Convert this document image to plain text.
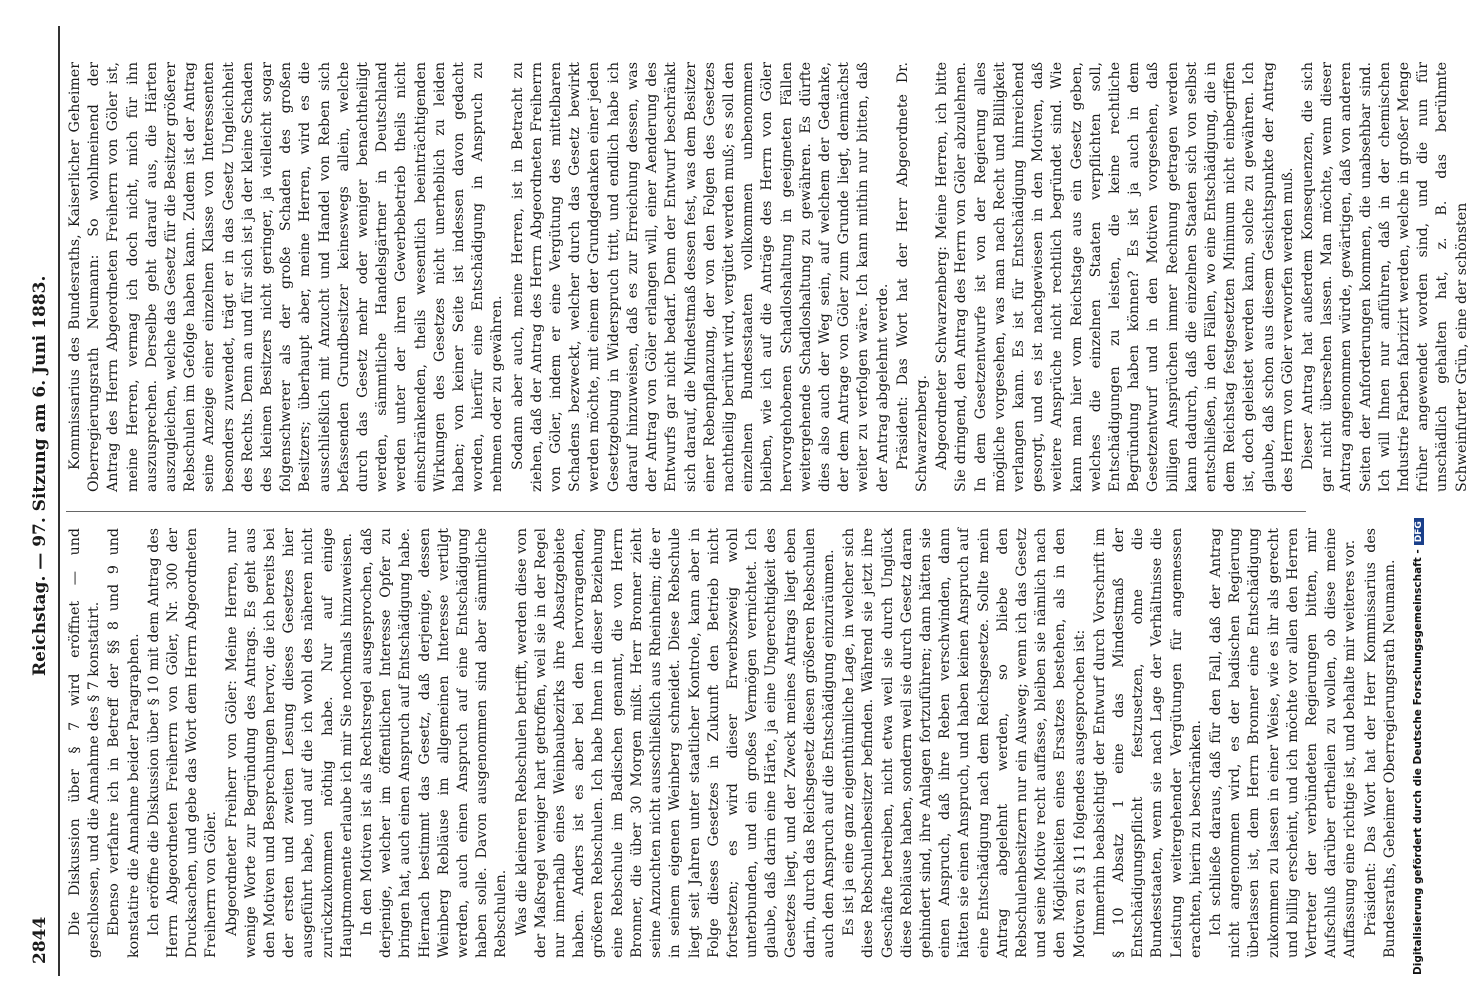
2844
Reichstag. — 97. Sitzung am 6. Juni 1883.

Die Diskussion über § 7 wird eröffnet — und geschlossen, und die Annahme des § 7 konstatirt. Ebenso verfahre ich in Betreff der §§ 8 und 9 und konstatire die Annahme beider Paragraphen. Ich eröffne die Diskussion über § 10 mit dem Antrag des Herrn Abgeordneten Freiherrn von Göler, Nr. 300 der Drucksachen, und gebe das Wort dem Herrn Abgeordneten Freiherrn von Göler. Abgeordneter Freiherr von Göler: Meine Herren, nur wenige Worte zur Begründung des Antrags. Es geht aus den Motiven und Besprechungen hervor, die ich bereits bei der ersten und zweiten Lesung dieses Gesetzes hier ausgeführt habe, und auf die ich wohl des näheren nicht zurückzukommen nöthig habe. Nur auf einige Hauptmomente erlaube ich mir Sie nochmals hinzuweisen. In den Motiven ist als Rechtsregel ausgesprochen, daß derjenige, welcher im öffentlichen Interesse Opfer zu bringen hat, auch einen Anspruch auf Entschädigung habe. Hiernach bestimmt das Gesetz, daß derjenige, dessen Weinberg Rebläuse im allgemeinen Interesse vertilgt werden, auch einen Anspruch auf eine Entschädigung haben solle. Davon ausgenommen sind aber sämmtliche Rebschulen. Was die kleineren Rebschulen betrifft, werden diese von der Maßregel weniger hart getroffen, weil sie in der Regel nur innerhalb eines Weinbaubezirks ihre Absatzgebiete haben. Anders ist es aber bei den hervorragenden, größeren Rebschulen. Ich habe Ihnen in dieser Beziehung eine Rebschule im Badischen genannt, die von Herrn Bronner, die über 30 Morgen mißt. Herr Bronner zieht seine Anzuchten nicht ausschließlich aus Rheinheim; die er in seinem eigenen Weinberg schneidet. Diese Rebschule liegt seit Jahren unter staatlicher Kontrole, kann aber in Folge dieses Gesetzes in Zukunft den Betrieb nicht fortsetzen; es wird dieser Erwerbszweig wohl unterbunden, und ein großes Vermögen vernichtet. Ich glaube, daß darin eine Härte, ja eine Ungerechtigkeit des Gesetzes liegt, und der Zweck meines Antrags liegt eben darin, durch das Reichsgesetz diesen größeren Rebschulen auch den Anspruch auf die Entschädigung einzuräumen. Es ist ja eine ganz eigenthümliche Lage, in welcher sich diese Rebschulenbesitzer befinden. Während sie jetzt ihre Geschäfte betreiben, nicht etwa weil sie durch Unglück diese Rebläuse haben, sondern weil sie durch Gesetz daran gehindert sind, ihre Anlagen fortzuführen; dann hätten sie einen Anspruch, daß ihre Reben verschwinden, dann hätten sie einen Anspruch, und haben keinen Anspruch auf eine Entschädigung nach dem Reichsgesetze. Sollte mein Antrag abgelehnt werden, so bliebe den Rebschulenbesitzern nur ein Ausweg; wenn ich das Gesetz und seine Motive recht auffasse, bleiben sie nämlich nach den Möglichkeiten eines Ersatzes bestehen, als in den Motiven zu § 11 folgendes ausgesprochen ist: Immerhin beabsichtigt der Entwurf durch Vorschrift im § 10 Absatz 1 eine das Mindestmaß der Entschädigungspflicht festzusetzen, ohne die Bundesstaaten, wenn sie nach Lage der Verhältnisse die Leistung weitergehender Vergütungen für angemessen erachten, hierin zu beschränken. Ich schließe daraus, daß für den Fall, daß der Antrag nicht angenommen wird, es der badischen Regierung überlassen ist, dem Herrn Bronner eine Entschädigung zukommen zu lassen in einer Weise, wie es ihr als gerecht und billig erscheint, und ich möchte vor allen den Herren Vertreter der verbündeten Regierungen bitten, mir Aufschluß darüber ertheilen zu wollen, ob diese meine Auffassung eine richtige ist, und behalte mir weiteres vor. Präsident: Das Wort hat der Herr Kommissarius des Bundesraths, Geheimer Oberregierungsrath Neumann.

Kommissarius des Bundesraths, Kaiserlicher Geheimer Oberregierungsrath Neumann: So wohlmeinend der Antrag des Herrn Abgeordneten Freiherrn von Göler ist, meine Herren, vermag ich doch nicht, mich für ihn auszusprechen. Derselbe geht darauf aus, die Härten auszugleichen, welche das Gesetz für die Besitzer größerer Rebschulen im Gefolge haben kann. Zudem ist der Antrag seine Anzeige einer einzelnen Klasse von Interessenten besonders zuwendet, trägt er in das Gesetz Ungleichheit des Rechts. Denn an und für sich ist ja der kleine Schaden des kleinen Besitzers nicht geringer, ja vielleicht sogar folgenschwerer als der große Schaden des großen Besitzers; überhaupt aber, meine Herren, wird es die ausschließlich mit Anzucht und Handel von Reben sich befassenden Grundbesitzer keineswegs allein, welche durch das Gesetz mehr oder weniger benachtheiligt werden, sämmtliche Handelsgärtner in Deutschland werden unter der ihren Gewerbebetrieb theils nicht einschränkenden, theils wesentlich beeinträchtigenden Wirkungen des Gesetzes nicht unerheblich zu leiden haben; von keiner Seite ist indessen davon gedacht worden, hierfür eine Entschädigung in Anspruch zu nehmen oder zu gewähren. Sodann aber auch, meine Herren, ist in Betracht zu ziehen, daß der Antrag des Herrn Abgeordneten Freiherrn von Göler, indem er eine Vergütung des mittelbaren Schadens bezweckt, welcher durch das Gesetz bewirkt werden möchte, mit einem der Grundgedanken einer jeden Gesetzgebung in Widerspruch tritt, und endlich habe ich darauf hinzuweisen, daß es zur Erreichung dessen, was der Antrag von Göler erlangen will, einer Aenderung des Entwurfs gar nicht bedarf. Denn der Entwurf beschränkt sich darauf, die Mindestmaß dessen fest, was dem Besitzer einer Rebenpflanzung, der von den Folgen des Gesetzes nachtheilig berührt wird, vergütet werden muß; es soll den einzelnen Bundesstaaten vollkommen unbenommen bleiben, wie ich auf die Anträge des Herrn von Göler hervorgehobenen Schadloshaltung in geeigneten Fällen weitergehende Schadloshaltung zu gewähren. Es dürfte dies also auch der Weg sein, auf welchem der Gedanke, der dem Antrage von Göler zum Grunde liegt, demnächst weiter zu verfolgen wäre. Ich kann mithin nur bitten, daß der Antrag abgelehnt werde. Präsident: Das Wort hat der Herr Abgeordnete Dr. Schwarzenberg. Abgeordneter Schwarzenberg: Meine Herren, ich bitte Sie dringend, den Antrag des Herrn von Göler abzulehnen. In dem Gesetzentwurfe ist von der Regierung alles mögliche vorgesehen, was man nach Recht und Billigkeit verlangen kann. Es ist für Entschädigung hinreichend gesorgt, und es ist nachgewiesen in den Motiven, daß weitere Ansprüche nicht rechtlich begründet sind. Wie kann man hier vom Reichstage aus ein Gesetz geben, welches die einzelnen Staaten verpflichten soll, Entschädigungen zu leisten, die keine rechtliche Begründung haben können? Es ist ja auch in dem Gesetzentwurf und in den Motiven vorgesehen, daß billigen Ansprüchen immer Rechnung getragen werden kann dadurch, daß die einzelnen Staaten sich von selbst entschließen, in den Fällen, wo eine Entschädigung, die in dem Reichstag festgesetzten Minimum nicht einbegriffen ist, doch geleistet werden kann, solche zu gewähren. Ich glaube, daß schon aus diesem Gesichtspunkte der Antrag des Herrn von Göler verworfen werden muß. Dieser Antrag hat außerdem Konsequenzen, die sich gar nicht übersehen lassen. Man möchte, wenn dieser Antrag angenommen würde, gewärtigen, daß von anderen Seiten der Anforderungen kommen, die unabsehbar sind. Ich will Ihnen nur anführen, daß in der chemischen Industrie Farben fabrizirt werden, welche in großer Menge früher angewendet worden sind, und die nun für unschädlich gehalten hat, z. B. das berühmte Schweinfurter Grün, eine der schönsten

Digitalisierung gefördert durch die Deutsche Forschungsgemeinschaft -DFG
